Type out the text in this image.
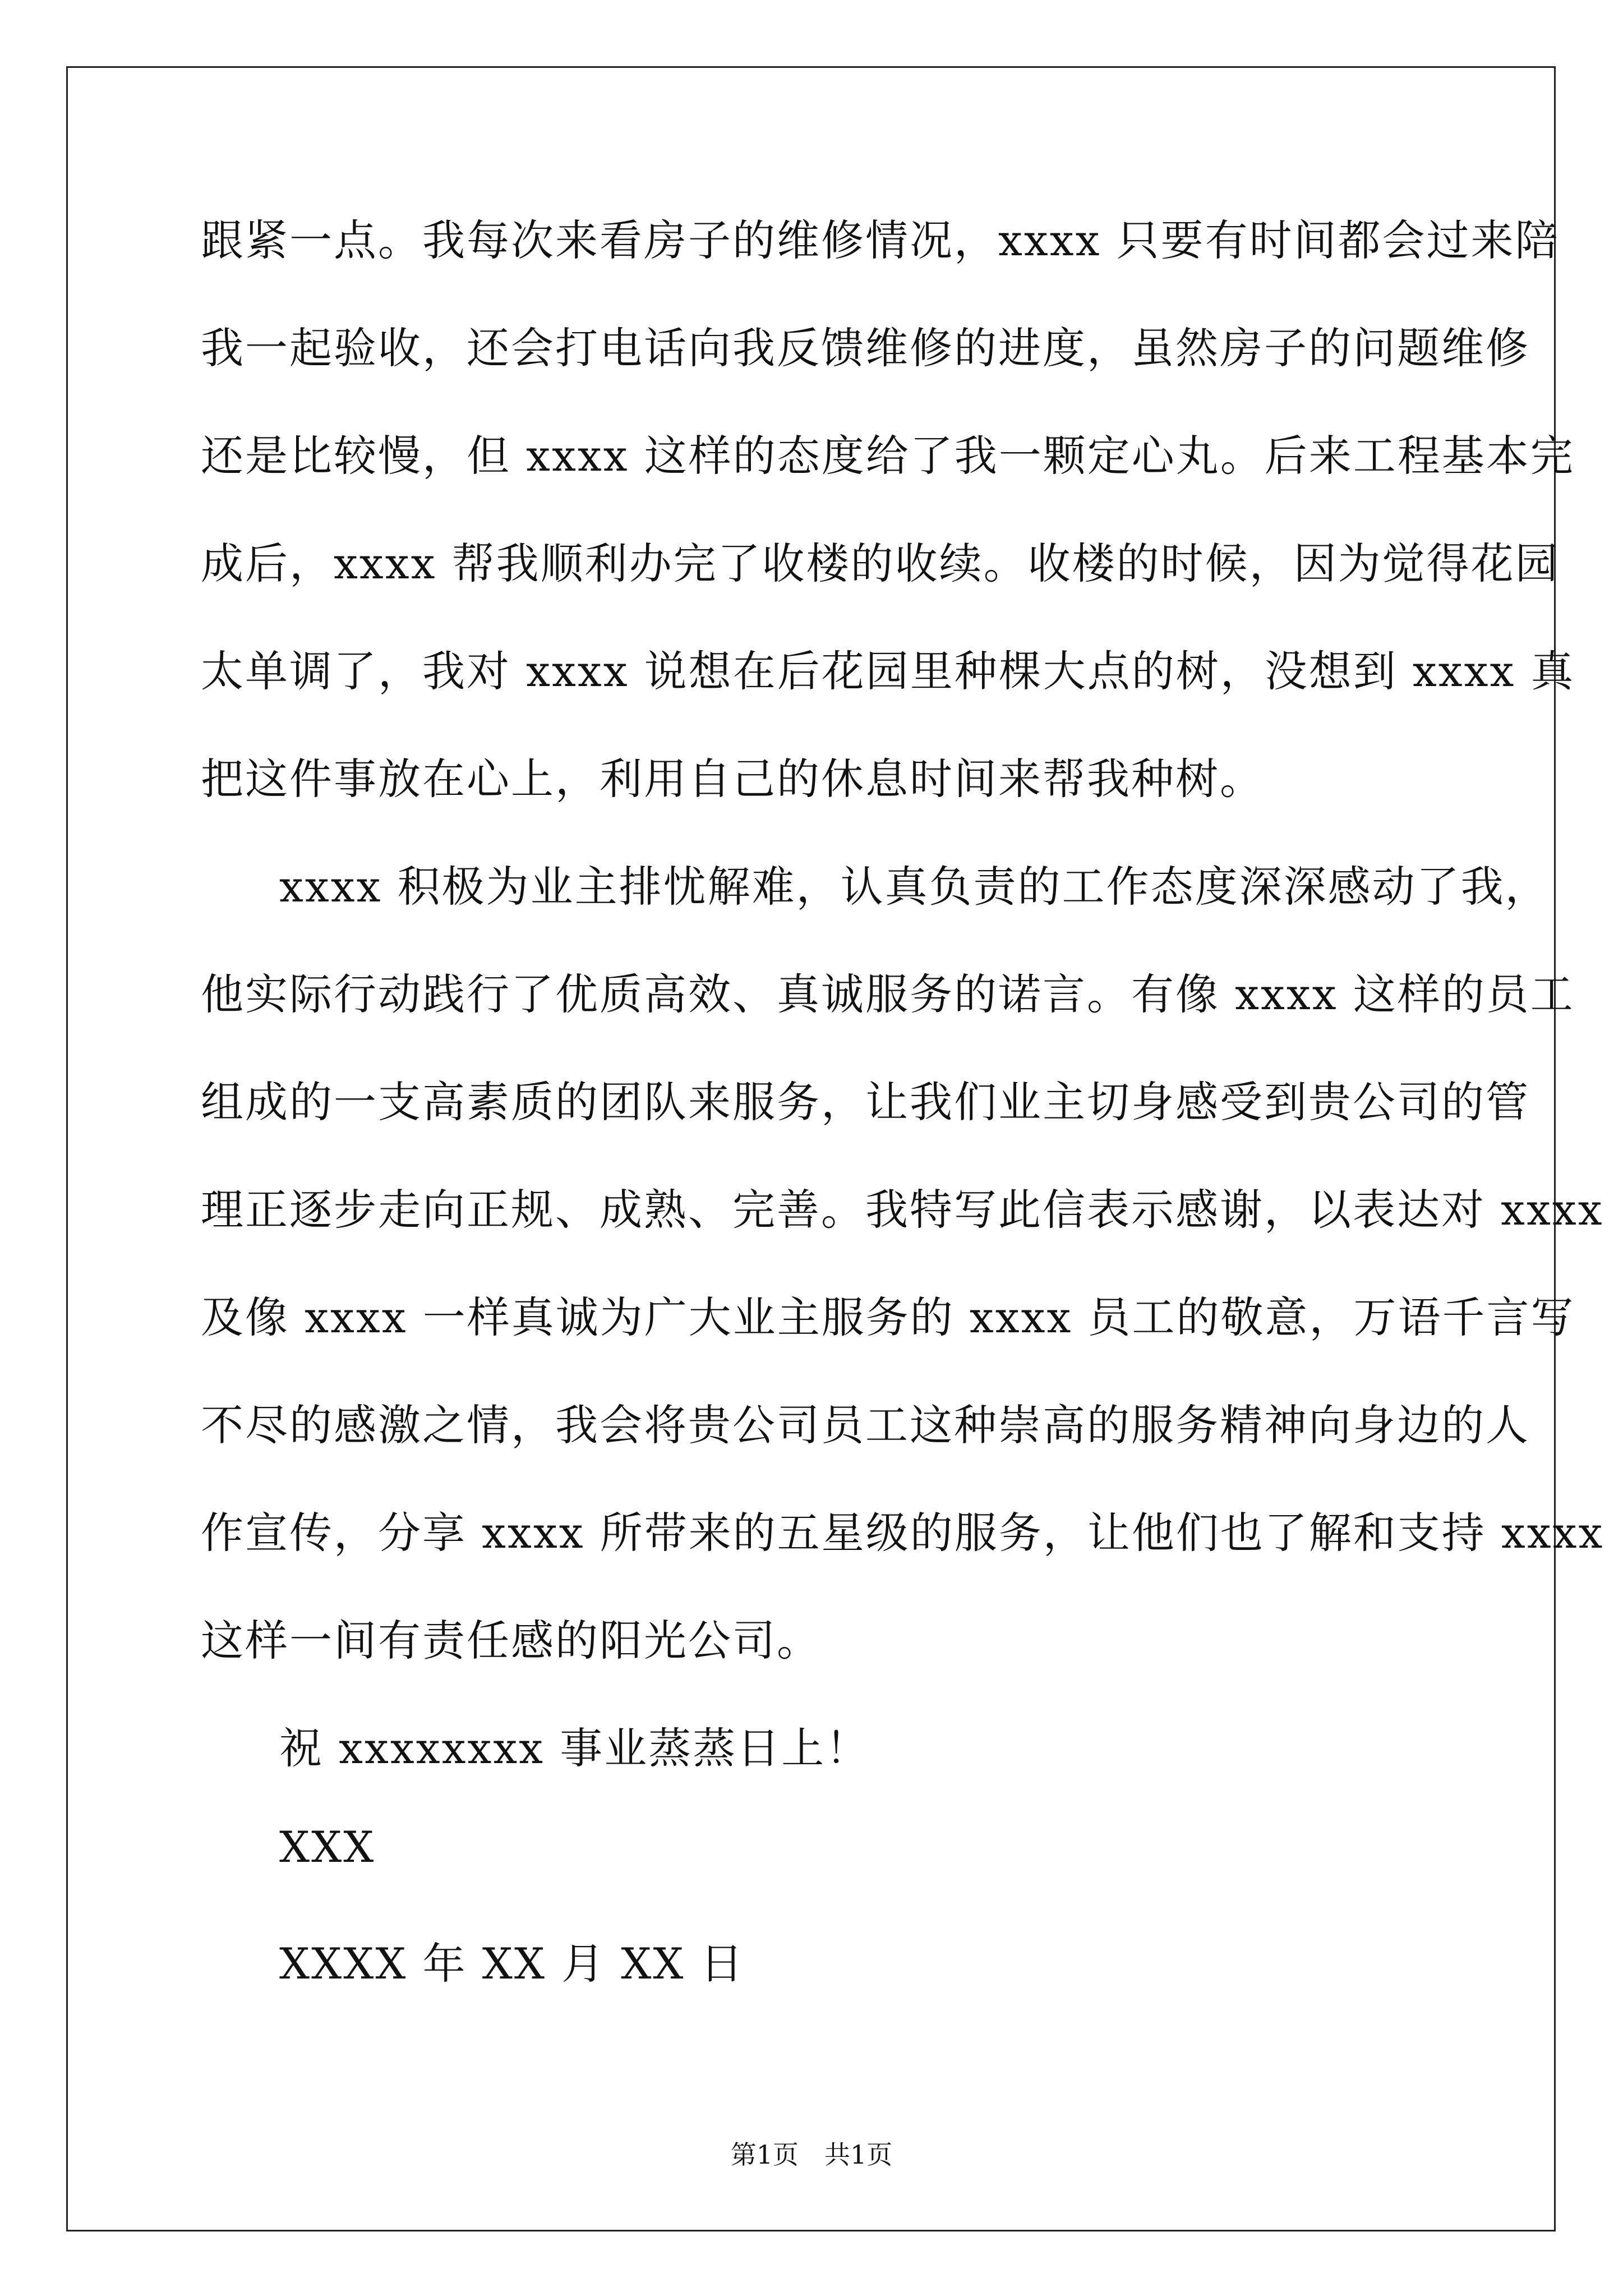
跟紧一点。我每次来看房子的维修情况，xxxx 只要有时间都会过来陪
我一起验收，还会打电话向我反馈维修的进度，虽然房子的问题维修
还是比较慢，但 xxxx 这样的态度给了我一颗定心丸。后来工程基本完
成后，xxxx 帮我顺利办完了收楼的收续。收楼的时候，因为觉得花园
太单调了，我对 xxxx 说想在后花园里种棵大点的树，没想到 xxxx 真
把这件事放在心上，利用自己的休息时间来帮我种树。
xxxx 积极为业主排忧解难，认真负责的工作态度深深感动了我，
他实际行动践行了优质高效、真诚服务的诺言。有像 xxxx 这样的员工
组成的一支高素质的团队来服务，让我们业主切身感受到贵公司的管
理正逐步走向正规、成熟、完善。我特写此信表示感谢，以表达对 xxxx
及像 xxxx 一样真诚为广大业主服务的 xxxx 员工的敬意，万语千言写
不尽的感激之情，我会将贵公司员工这种崇高的服务精神向身边的人
作宣传，分享 xxxx 所带来的五星级的服务，让他们也了解和支持 xxxx
这样一间有责任感的阳光公司。
祝 xxxxxxxx 事业蒸蒸日上！
XXX
XXXX 年 XX 月 XX 日
第1页　共1页
